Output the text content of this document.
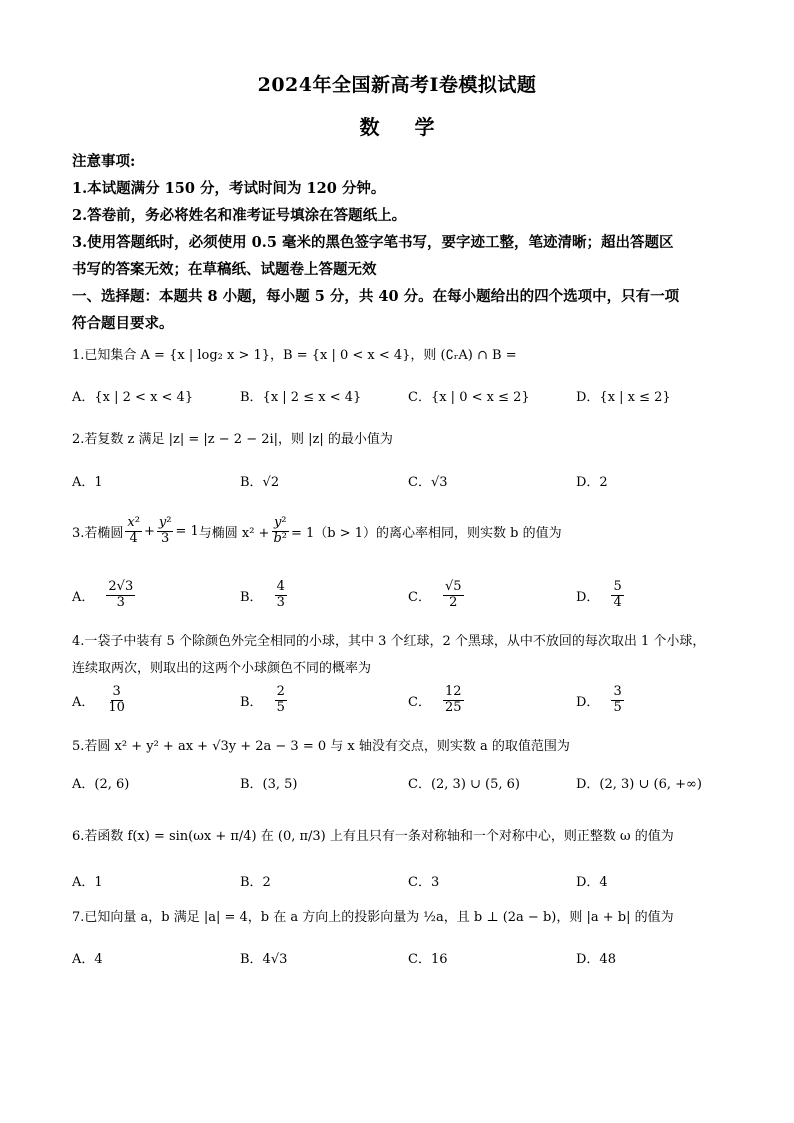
2024年全国新高考Ⅰ卷模拟试题
数 学
注意事项:
1.本试题满分 150 分，考试时间为 120 分钟。
2.答卷前，务必将姓名和准考证号填涂在答题纸上。
3.使用答题纸时，必须使用 0.5 毫米的黑色签字笔书写，要字迹工整，笔迹清晰；超出答题区
书写的答案无效；在草稿纸、试题卷上答题无效
一、选择题：本题共 8 小题，每小题 5 分，共 40 分。在每小题给出的四个选项中，只有一项
符合题目要求。
1.已知集合 A = {x | log₂ x > 1}，B = {x | 0 < x < 4}，则 (∁ᵣA) ∩ B =
A．{x | 2 < x < 4}	B．{x | 2 ≤ x < 4}	C．{x | 0 < x ≤ 2}	D．{x | x ≤ 2}
2.若复数 z 满足 |z| = |z − 2 − 2i|，则 |z| 的最小值为
A．1	B．√2	C．√3	D．2
3.若椭圆 $\frac{\text{x²}}{4} + \frac{\text{y²}}{3} = 1$ 与椭圆 $x^2 + \frac{\text{y²}}{\text{b²}} = 1(b > 1)$的离心率相同，则实数 b 的值为
A． $\frac{2√3}{3}$	B． $\frac{4}{3}$	C． $\frac{√5}{2}$	D． $\frac{5}{4}$
4.一袋子中装有 5 个除颜色外完全相同的小球，其中 3 个红球，2 个黑球，从中不放回的每次取出 1 个小球，
连续取两次，则取出的这两个小球颜色不同的概率为
A． $\frac{3}{10}$	B． $\frac{2}{5}$	C． $\frac{12}{25}$	D． $\frac{3}{5}$
5.若圆 x² + y² + ax + √3y + 2a − 3 = 0 与 x 轴没有交点，则实数 a 的取值范围为
A．(2, 6)	B．(3, 5)	C．(2, 3) ∪ (5, 6)	D．(2, 3) ∪ (6, +∞)
6.若函数 f(x) = sin(ωx + π/4) 在 (0, π/3) 上有且只有一条对称轴和一个对称中心，则正整数 ω 的值为
A．1	B．2	C．3	D．4
7.已知向量 a，b 满足 |a| = 4，b 在 a 方向上的投影向量为 ½a，且 b ⊥ (2a − b)，则 |a + b| 的值为
A．4	B．4√3	C．16	D．48
